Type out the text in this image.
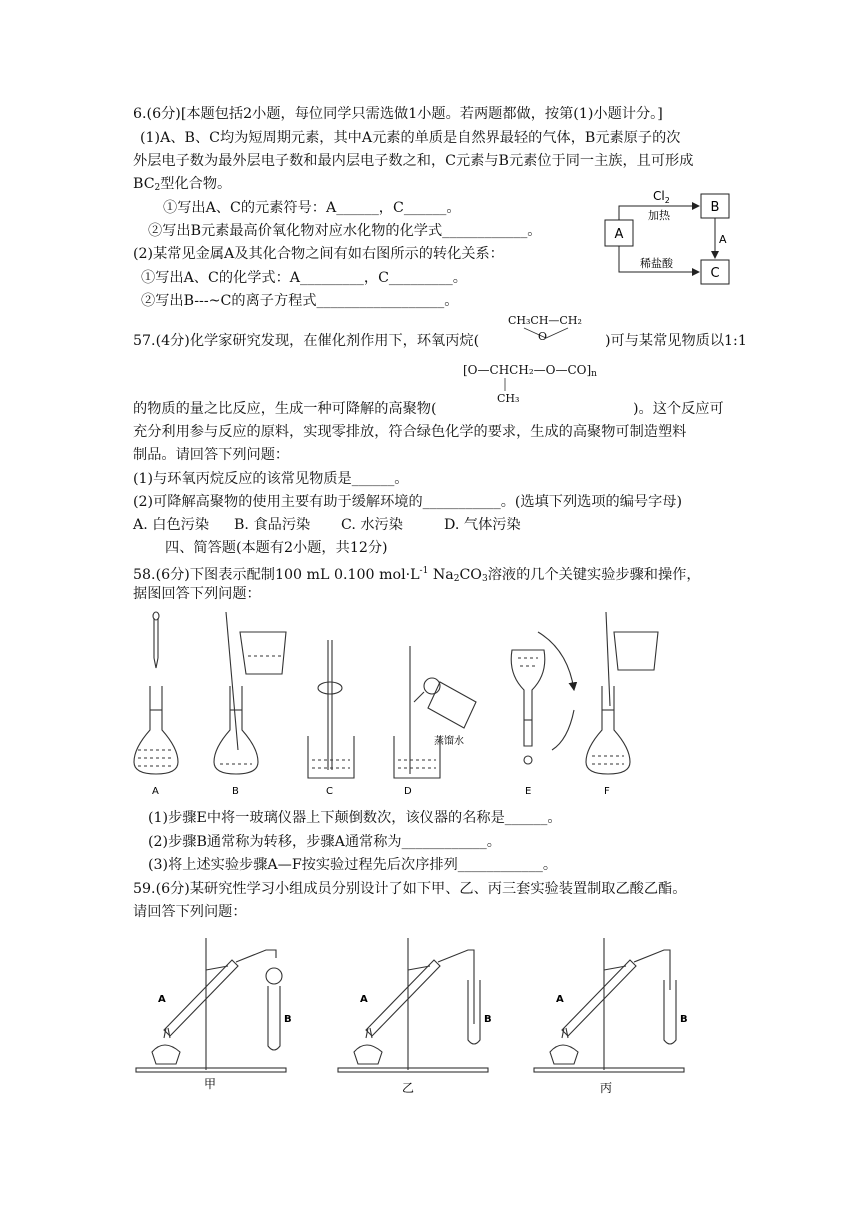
6.(6分)[本题包括2小题，每位同学只需选做1小题。若两题都做，按第(1)小题计分。]
(1)A、B、C均为短周期元素，其中A元素的单质是自然界最轻的气体，B元素原子的次
外层电子数为最外层电子数和最内层电子数之和，C元素与B元素位于同一主族，且可形成
$BC_2$型化合物。
①写出A、C的元素符号：A______，C______。
②写出B元素最高价氧化物对应水化物的化学式____________。
(2)某常见金属A及其化合物之间有如右图所示的转化关系：
①写出A、C的化学式：A_________，C_________。
②写出B---~C的离子方程式__________________。
A
B
C
$Cl_2$
加热
A
稀盐酸
CH₃CH—CH₂
O
57.(4分)化学家研究发现，在催化剂作用下，环氧丙烷(	)可与某常见物质以1:1
$[O—CHCH_2—O—CO]_n$
CH₃
的物质的量之比反应，生成一种可降解的高聚物(	)。这个反应可
充分利用参与反应的原料，实现零排放，符合绿色化学的要求，生成的高聚物可制造塑料
制品。请回答下列问题：
(1)与环氧丙烷反应的该常见物质是______。
(2)可降解高聚物的使用主要有助于缓解环境的___________。(选填下列选项的编号字母)
A. 白色污染 B. 食品污染 C. 水污染	D. 气体污染
四、简答题(本题有2小题，共12分)
58.(6分)下图表示配制100 mL 0.100 $mol\cdot L^{-1}$ $Na_2CO_3$溶液的几个关键实验步骤和操作，
据图回答下列问题：
A	B	C	D	E	F
蒸馏水
(1)步骤E中将一玻璃仪器上下颠倒数次，该仪器的名称是______。
(2)步骤B通常称为转移，步骤A通常称为____________。
(3)将上述实验步骤A—F按实验过程先后次序排列____________。
59.(6分)某研究性学习小组成员分别设计了如下甲、乙、丙三套实验装置制取乙酸乙酯。
请回答下列问题：
A
B
A
B
A
B
甲	乙	丙
